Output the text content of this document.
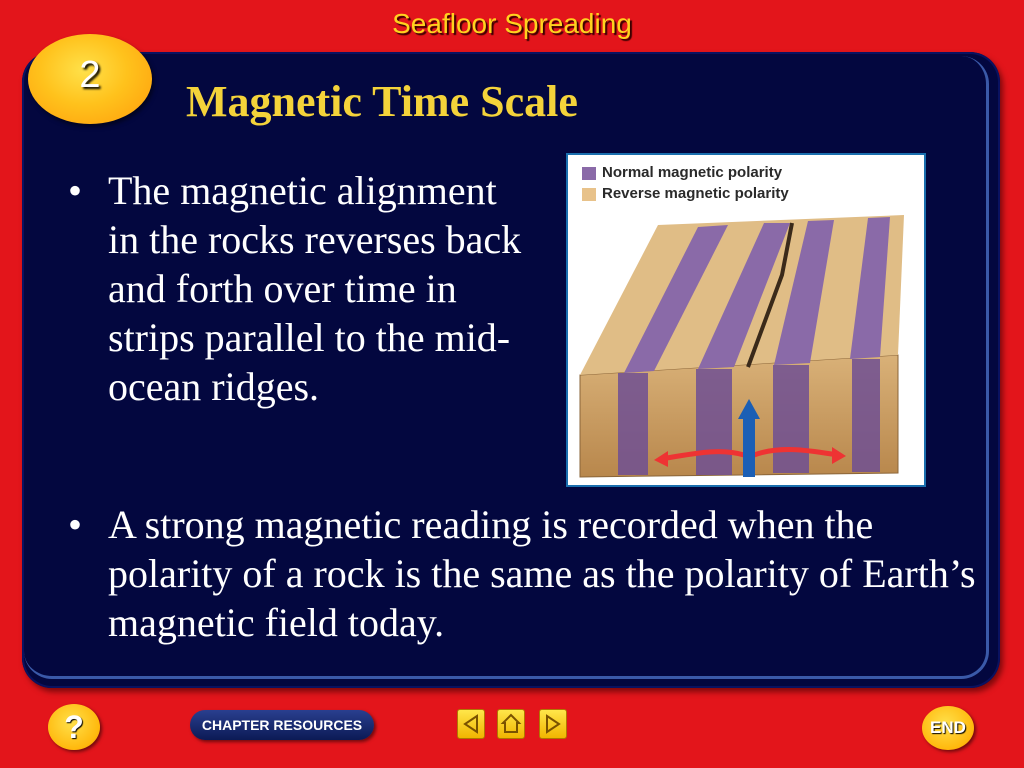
Seafloor Spreading
2
Magnetic Time Scale
• The magnetic alignment in the rocks reverses back and forth over time in strips parallel to the mid-ocean ridges.
Normal magnetic polarity
Reverse magnetic polarity
• A strong magnetic reading is recorded when the polarity of a rock is the same as the polarity of Earth’s magnetic field today.
?	CHAPTER RESOURCES	END
